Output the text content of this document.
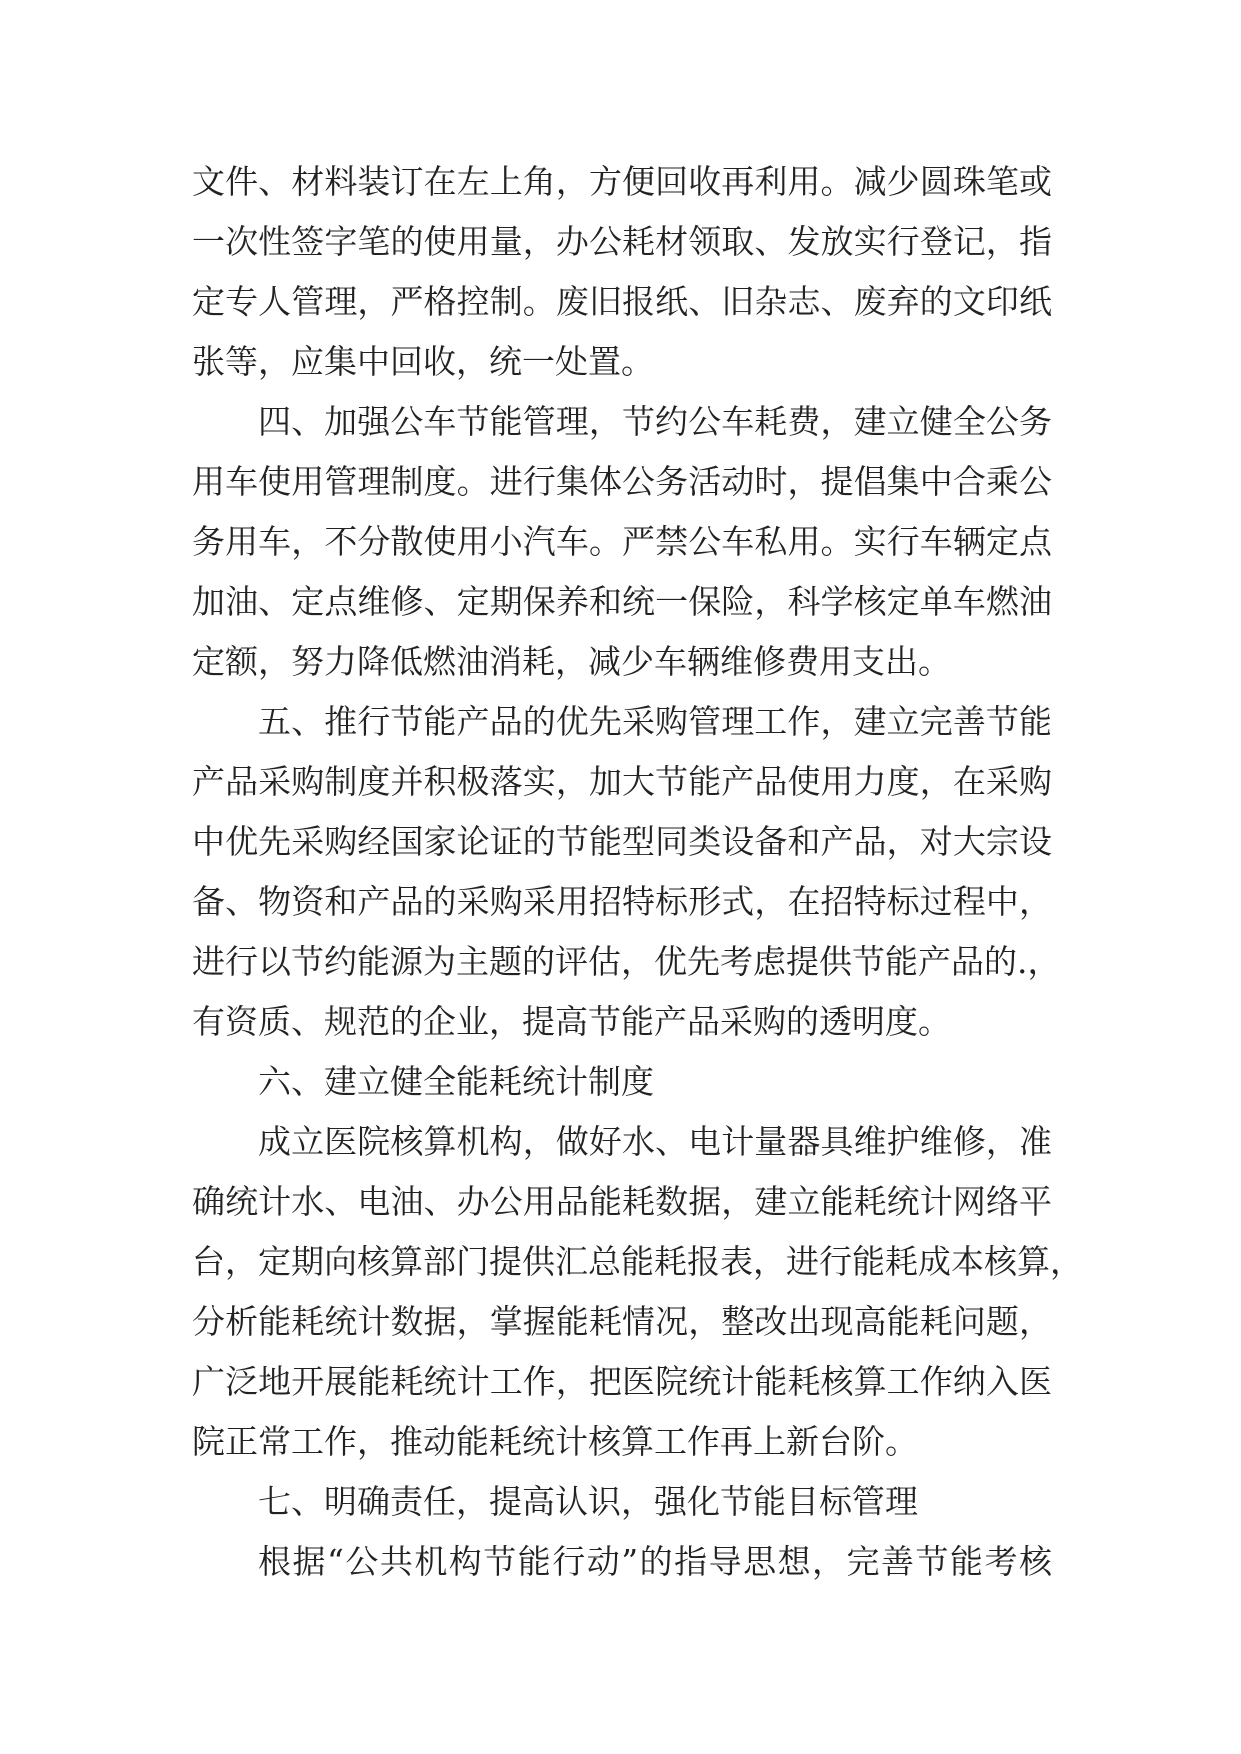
文件、材料装订在左上角，方便回收再利用。减少圆珠笔或
一次性签字笔的使用量，办公耗材领取、发放实行登记，指
定专人管理，严格控制。废旧报纸、旧杂志、废弃的文印纸
张等，应集中回收，统一处置。
四、加强公车节能管理，节约公车耗费，建立健全公务
用车使用管理制度。进行集体公务活动时，提倡集中合乘公
务用车，不分散使用小汽车。严禁公车私用。实行车辆定点
加油、定点维修、定期保养和统一保险，科学核定单车燃油
定额，努力降低燃油消耗，减少车辆维修费用支出。
五、推行节能产品的优先采购管理工作，建立完善节能
产品采购制度并积极落实，加大节能产品使用力度，在采购
中优先采购经国家论证的节能型同类设备和产品，对大宗设
备、物资和产品的采购采用招特标形式，在招特标过程中，
进行以节约能源为主题的评估，优先考虑提供节能产品的.，
有资质、规范的企业，提高节能产品采购的透明度。
六、建立健全能耗统计制度
成立医院核算机构，做好水、电计量器具维护维修，准
确统计水、电油、办公用品能耗数据，建立能耗统计网络平
台，定期向核算部门提供汇总能耗报表，进行能耗成本核算，
分析能耗统计数据，掌握能耗情况，整改出现高能耗问题，
广泛地开展能耗统计工作，把医院统计能耗核算工作纳入医
院正常工作，推动能耗统计核算工作再上新台阶。
七、明确责任，提高认识，强化节能目标管理
根据“公共机构节能行动”的指导思想，完善节能考核
